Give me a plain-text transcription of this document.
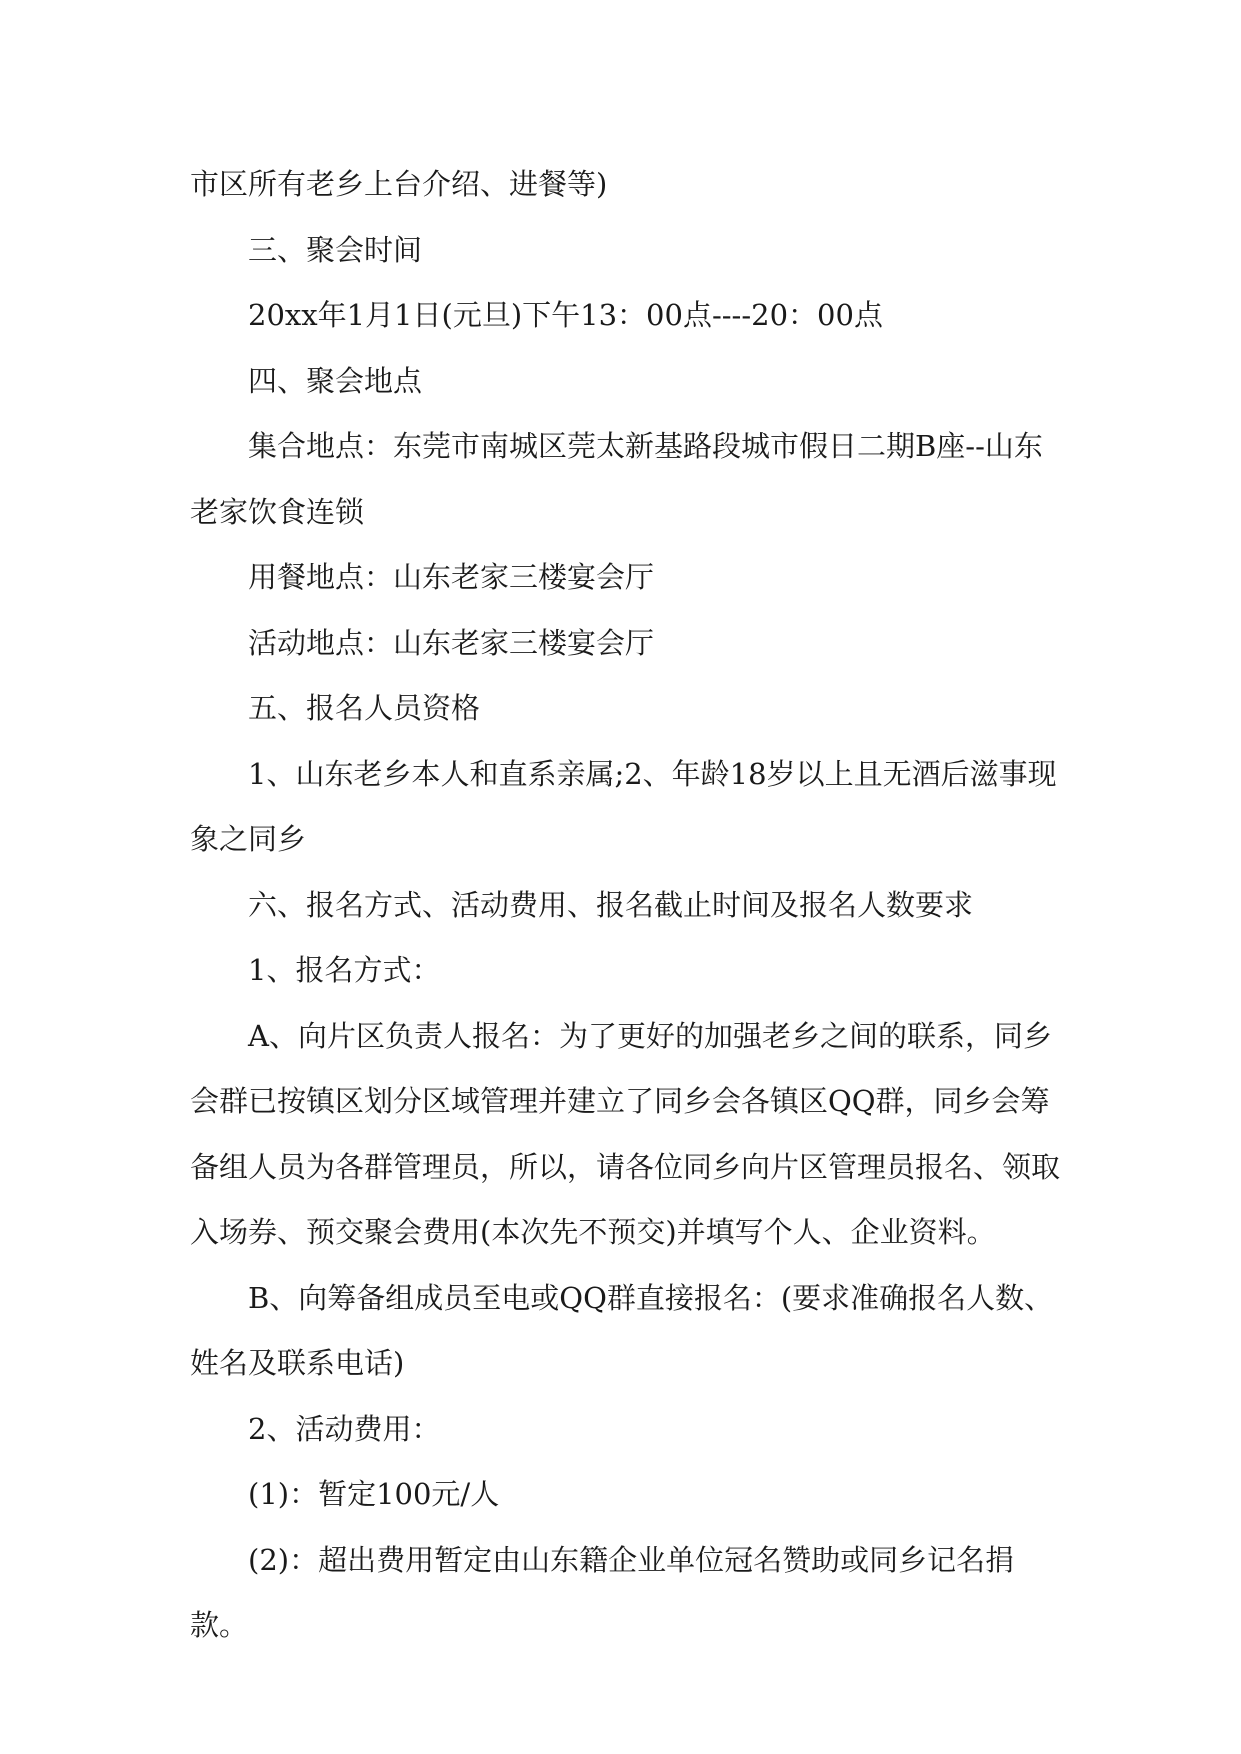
市区所有老乡上台介绍、进餐等)

三、聚会时间

20xx年1月1日(元旦)下午13：00点----20：00点

四、聚会地点

集合地点：东莞市南城区莞太新基路段城市假日二期B座--山东老家饮食连锁

用餐地点：山东老家三楼宴会厅

活动地点：山东老家三楼宴会厅

五、报名人员资格

1、山东老乡本人和直系亲属;2、年龄18岁以上且无酒后滋事现象之同乡

六、报名方式、活动费用、报名截止时间及报名人数要求

1、报名方式：

A、向片区负责人报名：为了更好的加强老乡之间的联系，同乡会群已按镇区划分区域管理并建立了同乡会各镇区QQ群，同乡会筹备组人员为各群管理员，所以，请各位同乡向片区管理员报名、领取入场券、预交聚会费用(本次先不预交)并填写个人、企业资料。

B、向筹备组成员至电或QQ群直接报名：(要求准确报名人数、姓名及联系电话)

2、活动费用：

(1)：暂定100元/人

(2)：超出费用暂定由山东籍企业单位冠名赞助或同乡记名捐款。
